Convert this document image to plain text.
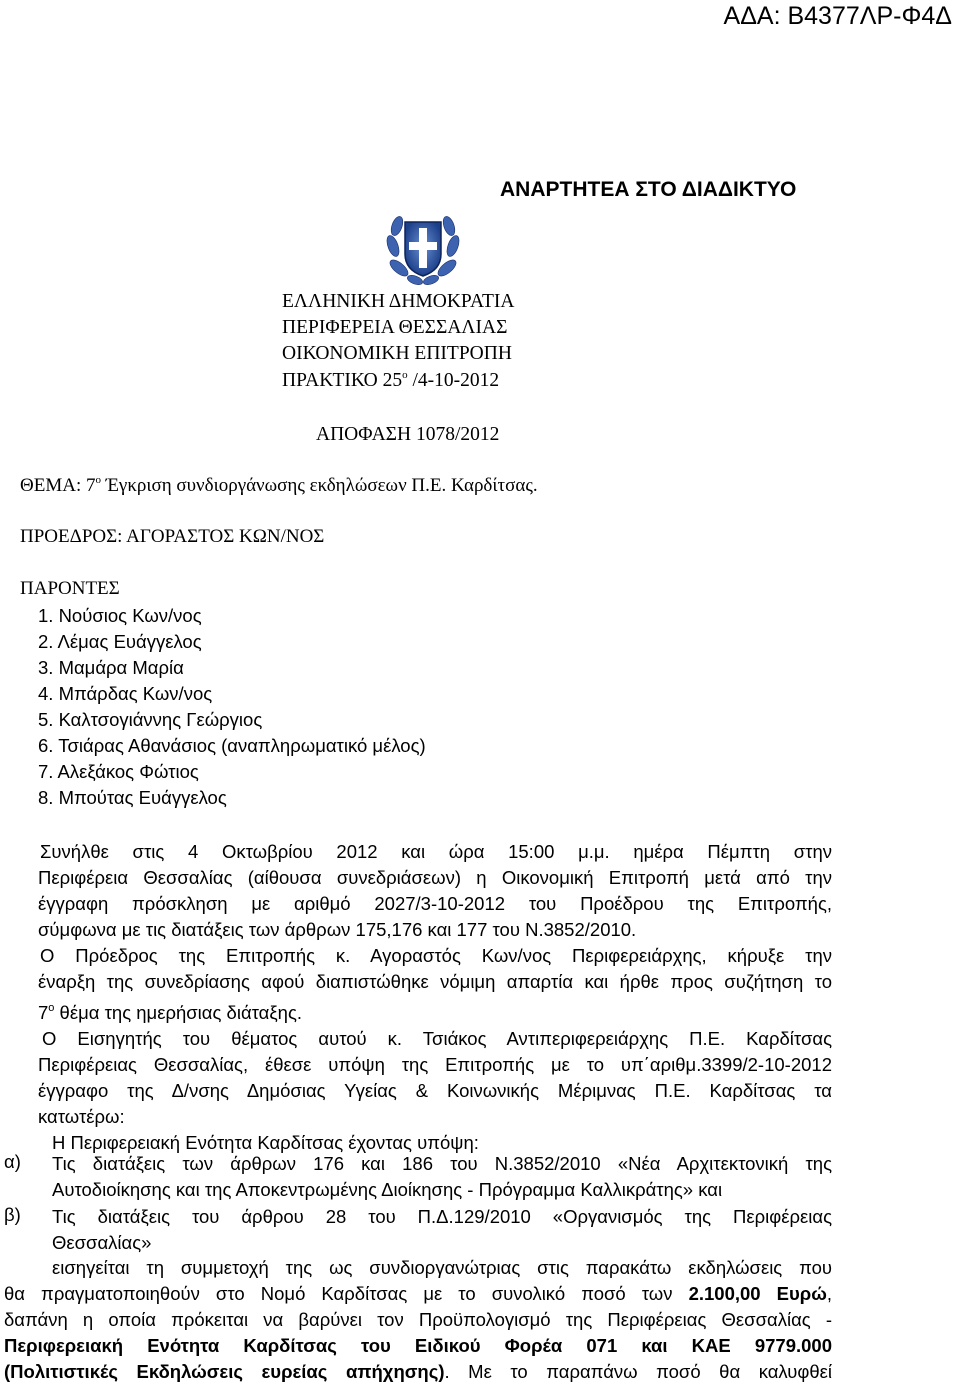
ΑΔΑ: Β4377ΛΡ-Φ4Δ
ΑΝΑΡΤΗΤΕΑ ΣΤΟ ΔΙΑΔΙΚΤΥΟ
ΕΛΛΗΝΙΚΗ ΔΗΜΟΚΡΑΤΙΑ
ΠΕΡΙΦΕΡΕΙΑ ΘΕΣΣΑΛΙΑΣ
ΟΙΚΟΝΟΜΙΚΗ ΕΠΙΤΡΟΠΗ
ΠΡΑΚΤΙΚΟ $25^o$ /4-10-2012
ΑΠΟΦΑΣΗ 1078/2012
ΘΕΜΑ: $7^o$ Έγκριση συνδιοργάνωσης εκδηλώσεων Π.Ε. Καρδίτσας.
ΠΡΟΕΔΡΟΣ: ΑΓΟΡΑΣΤΟΣ ΚΩΝ/ΝΟΣ
ΠΑΡΟΝΤΕΣ
1. Νούσιος Κων/νος
2. Λέμας Ευάγγελος
3. Μαμάρα Μαρία
4. Μπάρδας Κων/νος
5. Καλτσογιάννης Γεώργιος
6. Τσιάρας Αθανάσιος (αναπληρωματικό μέλος)
7. Αλεξάκος Φώτιος
8. Μπούτας Ευάγγελος
Συνήλθε στις 4 Οκτωβρίου 2012 και ώρα 15:00 μ.μ. ημέρα Πέμπτη στην
Περιφέρεια Θεσσαλίας (αίθουσα συνεδριάσεων) η Οικονομική Επιτροπή μετά από την
έγγραφη πρόσκληση με αριθμό 2027/3-10-2012 του Προέδρου της Επιτροπής,
σύμφωνα με τις διατάξεις των άρθρων 175,176 και 177 του Ν.3852/2010.
Ο Πρόεδρος της Επιτροπής κ. Αγοραστός Κων/νος Περιφερειάρχης, κήρυξε την
έναρξη της συνεδρίασης αφού διαπιστώθηκε νόμιμη απαρτία και ήρθε προς συζήτηση το
$7^o$ θέμα της ημερήσιας διάταξης.
Ο Εισηγητής του θέματος αυτού κ. Τσιάκος Αντιπεριφερειάρχης Π.Ε. Καρδίτσας
Περιφέρειας Θεσσαλίας, έθεσε υπόψη της Επιτροπής με το υπ΄αριθμ.3399/2-10-2012
έγγραφο της Δ/νσης Δημόσιας Υγείας & Κοινωνικής Μέριμνας Π.Ε. Καρδίτσας τα
κατωτέρω:
Η Περιφερειακή Ενότητα Καρδίτσας έχοντας υπόψη:
α) Τις διατάξεις των άρθρων 176 και 186 του Ν.3852/2010 «Νέα Αρχιτεκτονική της
Αυτοδιοίκησης και της Αποκεντρωμένης Διοίκησης - Πρόγραμμα Καλλικράτης» και
β) Τις διατάξεις του άρθρου 28 του Π.Δ.129/2010 «Οργανισμός της Περιφέρειας
Θεσσαλίας»
εισηγείται τη συμμετοχή της ως συνδιοργανώτριας στις παρακάτω εκδηλώσεις που
θα πραγματοποιηθούν στο Νομό Καρδίτσας με το συνολικό ποσό των 2.100,00 Ευρώ,
δαπάνη η οποία πρόκειται να βαρύνει τον Προϋπολογισμό της Περιφέρειας Θεσσαλίας -
Περιφερειακή Ενότητα Καρδίτσας του Ειδικού Φορέα 071 και ΚΑΕ 9779.000
(Πολιτιστικές Εκδηλώσεις ευρείας απήχησης). Με το παραπάνω ποσό θα καλυφθεί
